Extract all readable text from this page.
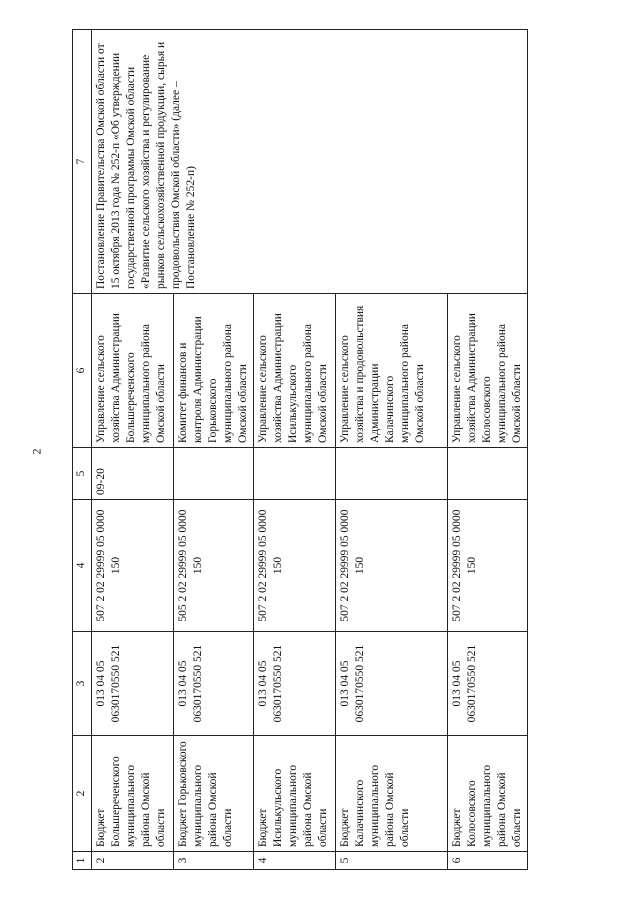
2
1	2	3	4	5	6	7
2	Бюджет Большереченского муниципального района Омской области	013 04 05 0630170550 521	507 2 02 29999 05 0000 150	09-20	Управление сельского хозяйства Администрации Большереченского муниципального района Омской области	Постановление Правительства Омской области от 15 октября 2013 года № 252-п «Об утверждении государственной программы Омской области «Развитие сельского хозяйства и регулирование рынков сельскохозяйственной продукции, сырья и продовольствия Омской области» (далее – Постановление № 252-п)
3	Бюджет Горьковского муниципального района Омской области	013 04 05 0630170550 521	505 2 02 29999 05 0000 150		Комитет финансов и контроля Администрации Горьковского муниципального района Омской области	
4	Бюджет Исилькульского муниципального района Омской области	013 04 05 0630170550 521	507 2 02 29999 05 0000 150		Управление сельского хозяйства Администрации Исилькульского муниципального района Омской области	
5	Бюджет Калачинского муниципального района Омской области	013 04 05 0630170550 521	507 2 02 29999 05 0000 150		Управление сельского хозяйства и продовольствия Администрации Калачинского муниципального района Омской области	
6	Бюджет Колосовского муниципального района Омской области	013 04 05 0630170550 521	507 2 02 29999 05 0000 150		Управление сельского хозяйства Администрации Колосовского муниципального района Омской области	
